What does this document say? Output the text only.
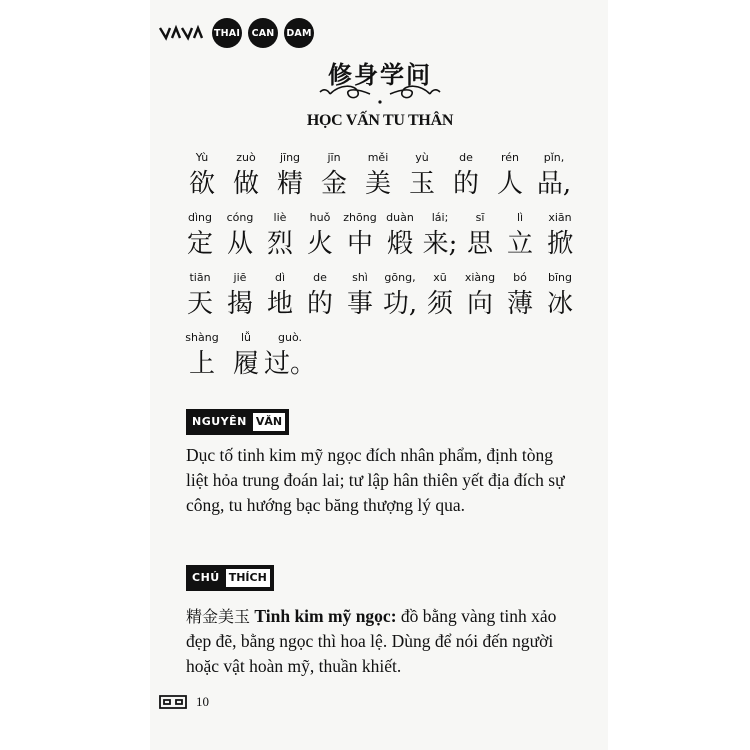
THAI	CAN	DAM
修身学问
HỌC VẤN TU THÂN
Yù
欲
zuò
做
jīng
精
jīn
金
měi
美
yù
玉
de
的
rén
人
pǐn,
品,
dìng
定
cóng
从
liè
烈
huǒ
火
zhōng
中
duàn
煅
lái;
来;
sī
思
lì
立
xiān
掀
tiān
天
jiē
揭
dì
地
de
的
shì
事
gōng,
功,
xū
须
xiàng
向
bó
薄
bīng
冰
shàng
上
lǚ
履
guò.
过。
NGUYÊN VĂN
Dục tố tinh kim mỹ ngọc đích nhân phẩm, định tòng liệt hỏa trung đoán lai; tư lập hân thiên yết địa đích sự công, tu hướng bạc băng thượng lý qua.
CHÚ THÍCH
精金美玉 Tinh kim mỹ ngọc: đồ bằng vàng tinh xảo đẹp đẽ, bằng ngọc thì hoa lệ. Dùng để nói đến người hoặc vật hoàn mỹ, thuần khiết.
10
